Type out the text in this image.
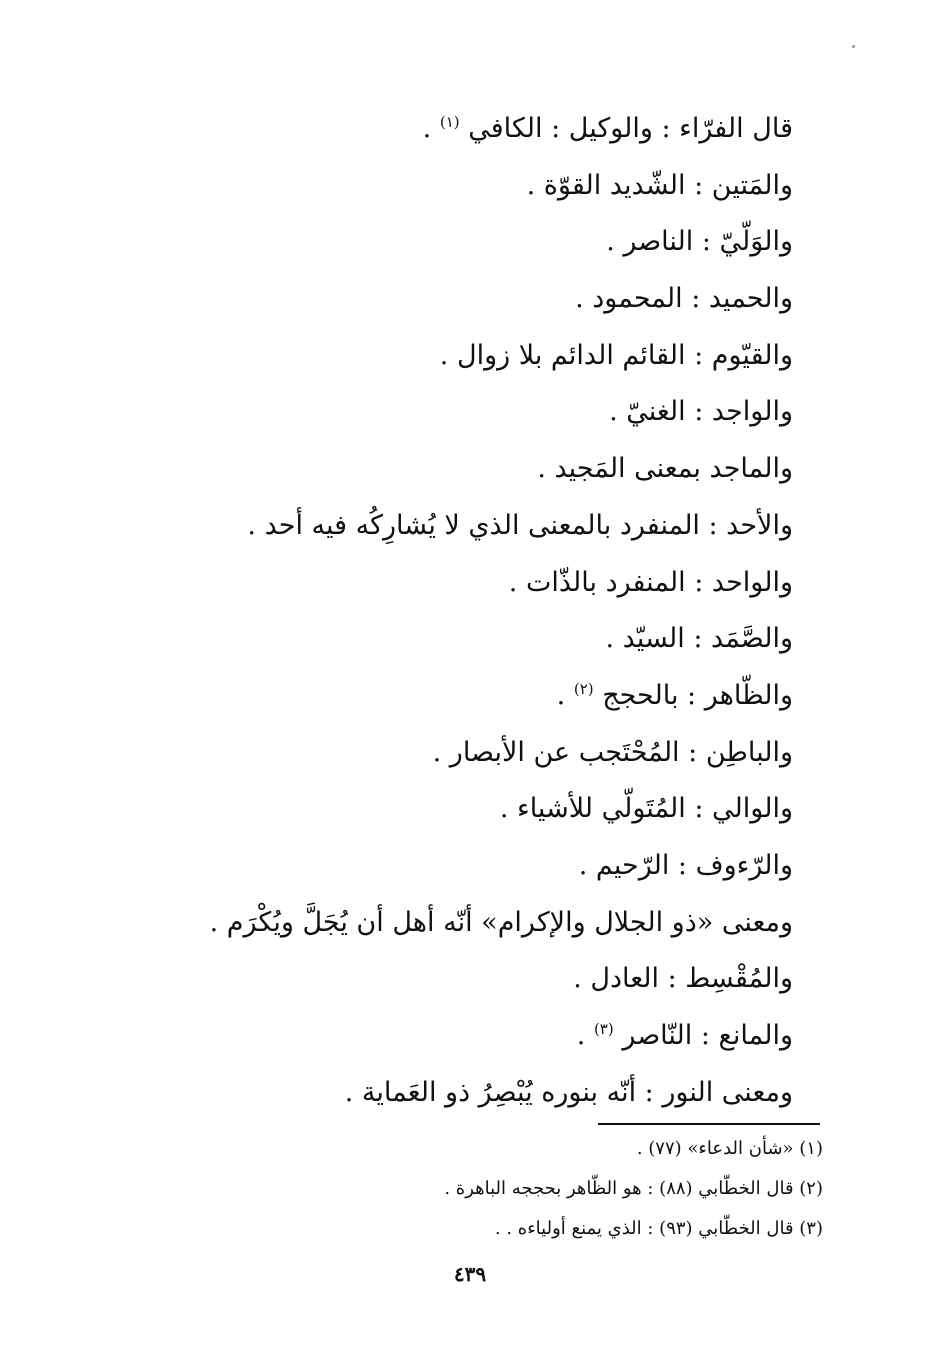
قال الفرّاء : والوكيل : الكافي $^{(١)}$ .
والمَتين : الشّديد القوّة .
والوَلّيّ : الناصر .
والحميد : المحمود .
والقيّوم : القائم الدائم بلا زوال .
والواجد : الغنيّ .
والماجد بمعنى المَجيد .
والأحد : المنفرد بالمعنى الذي لا يُشارِكُه فيه أحد .
والواحد : المنفرد بالذّات .
والصَّمَد : السيّد .
والظّاهر : بالحجج $^{(٢)}$ .
والباطِن : المُحْتَجب عن الأبصار .
والوالي : المُتَولّي للأشياء .
والرّءوف : الرّحيم .
ومعنى «ذو الجلال والإكرام» أنّه أهل أن يُجَلَّ ويُكْرَم .
والمُقْسِط : العادل .
والمانع : النّاصر $^{(٣)}$ .
ومعنى النور : أنّه بنوره يُبْصِرُ ذو العَماية .
(١) «شأن الدعاء» (٧٧) .
(٢) قال الخطّابي (٨٨) : هو الظّاهر بحججه الباهرة .
(٣) قال الخطّابي (٩٣) : الذي يمنع أولياءه . .
٤٣٩
